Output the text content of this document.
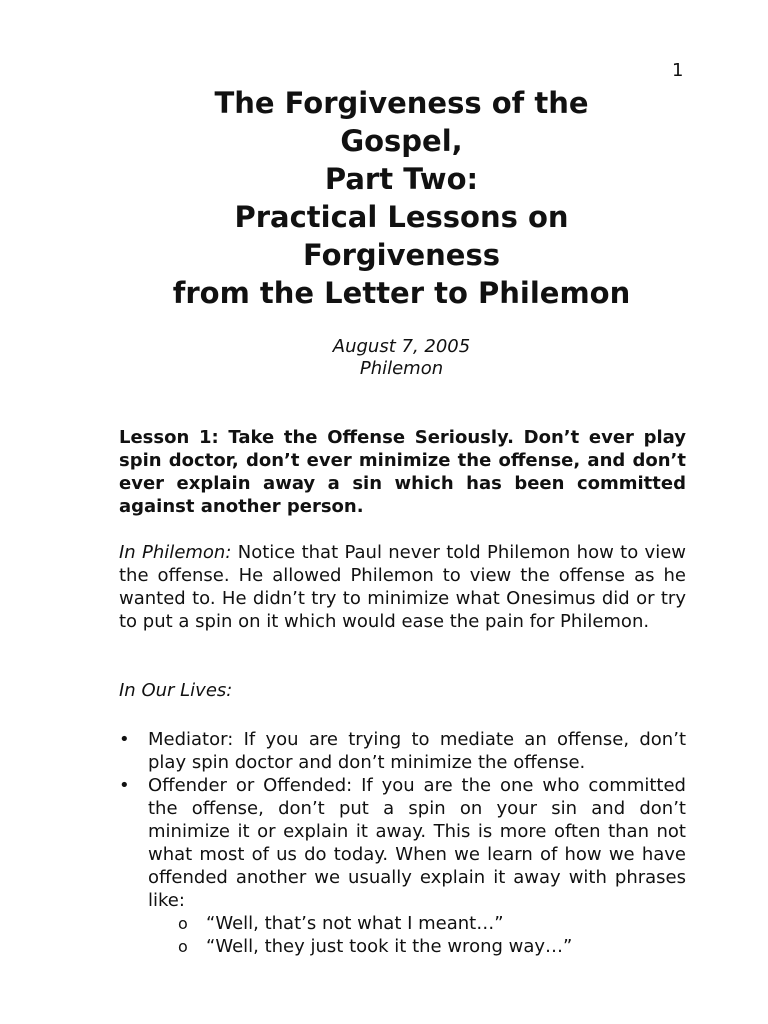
1
The Forgiveness of the
Gospel,
Part Two:
Practical Lessons on
Forgiveness
from the Letter to Philemon
August 7, 2005
Philemon

Lesson 1: Take the Offense Seriously. Don’t ever play spin doctor, don’t ever minimize the offense, and don’t ever explain away a sin which has been committed against another person.

In Philemon: Notice that Paul never told Philemon how to view the offense. He allowed Philemon to view the offense as he wanted to. He didn’t try to minimize what Onesimus did or try to put a spin on it which would ease the pain for Philemon.

In Our Lives:

• Mediator: If you are trying to mediate an offense, don’t play spin doctor and don’t minimize the offense.
• Offender or Offended: If you are the one who committed the offense, don’t put a spin on your sin and don’t minimize it or explain it away. This is more often than not what most of us do today. When we learn of how we have offended another we usually explain it away with phrases like:
o “Well, that’s not what I meant…”
o “Well, they just took it the wrong way…”
